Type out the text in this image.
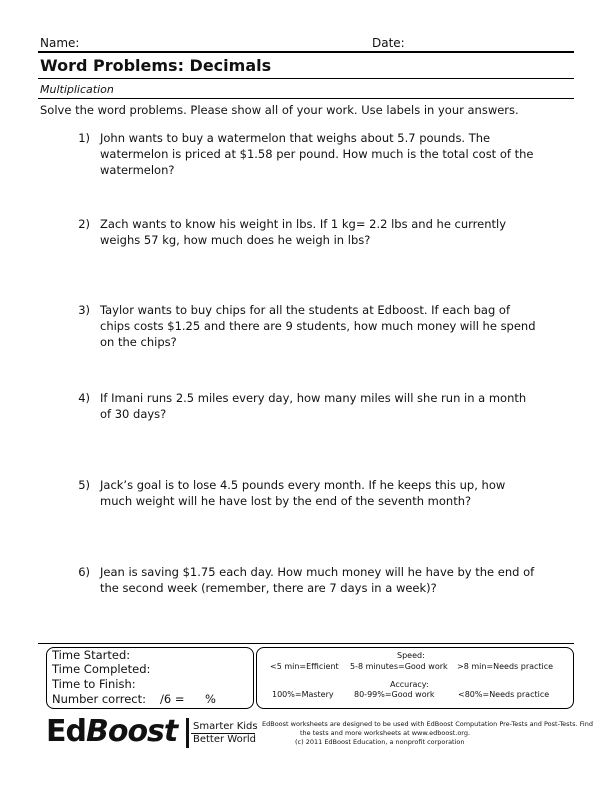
Name:	Date:
Word Problems: Decimals
Multiplication
Solve the word problems. Please show all of your work. Use labels in your answers.
1) John wants to buy a watermelon that weighs about 5.7 pounds. The watermelon is priced at $1.58 per pound. How much is the total cost of the watermelon?
2) Zach wants to know his weight in lbs. If 1 kg= 2.2 lbs and he currently weighs 57 kg, how much does he weigh in lbs?
3) Taylor wants to buy chips for all the students at Edboost. If each bag of chips costs $1.25 and there are 9 students, how much money will he spend on the chips?
4) If Imani runs 2.5 miles every day, how many miles will she run in a month of 30 days?
5) Jack’s goal is to lose 4.5 pounds every month. If he keeps this up, how much weight will he have lost by the end of the seventh month?
6) Jean is saving $1.75 each day. How much money will he have by the end of the second week (remember, there are 7 days in a week)?
Time Started:
Time Completed:
Time to Finish:
Number correct: /6 = %
Speed:
<5 min=Efficient 5-8 minutes=Good work >8 min=Needs practice
Accuracy:
100%=Mastery	80-99%=Good work	<80%=Needs practice
EdBoost Smarter Kids
Better World
EdBoost worksheets are designed to be used with EdBoost Computation Pre-Tests and Post-Tests. Find
the tests and more worksheets at www.edboost.org.
(c) 2011 EdBoost Education, a nonprofit corporation
